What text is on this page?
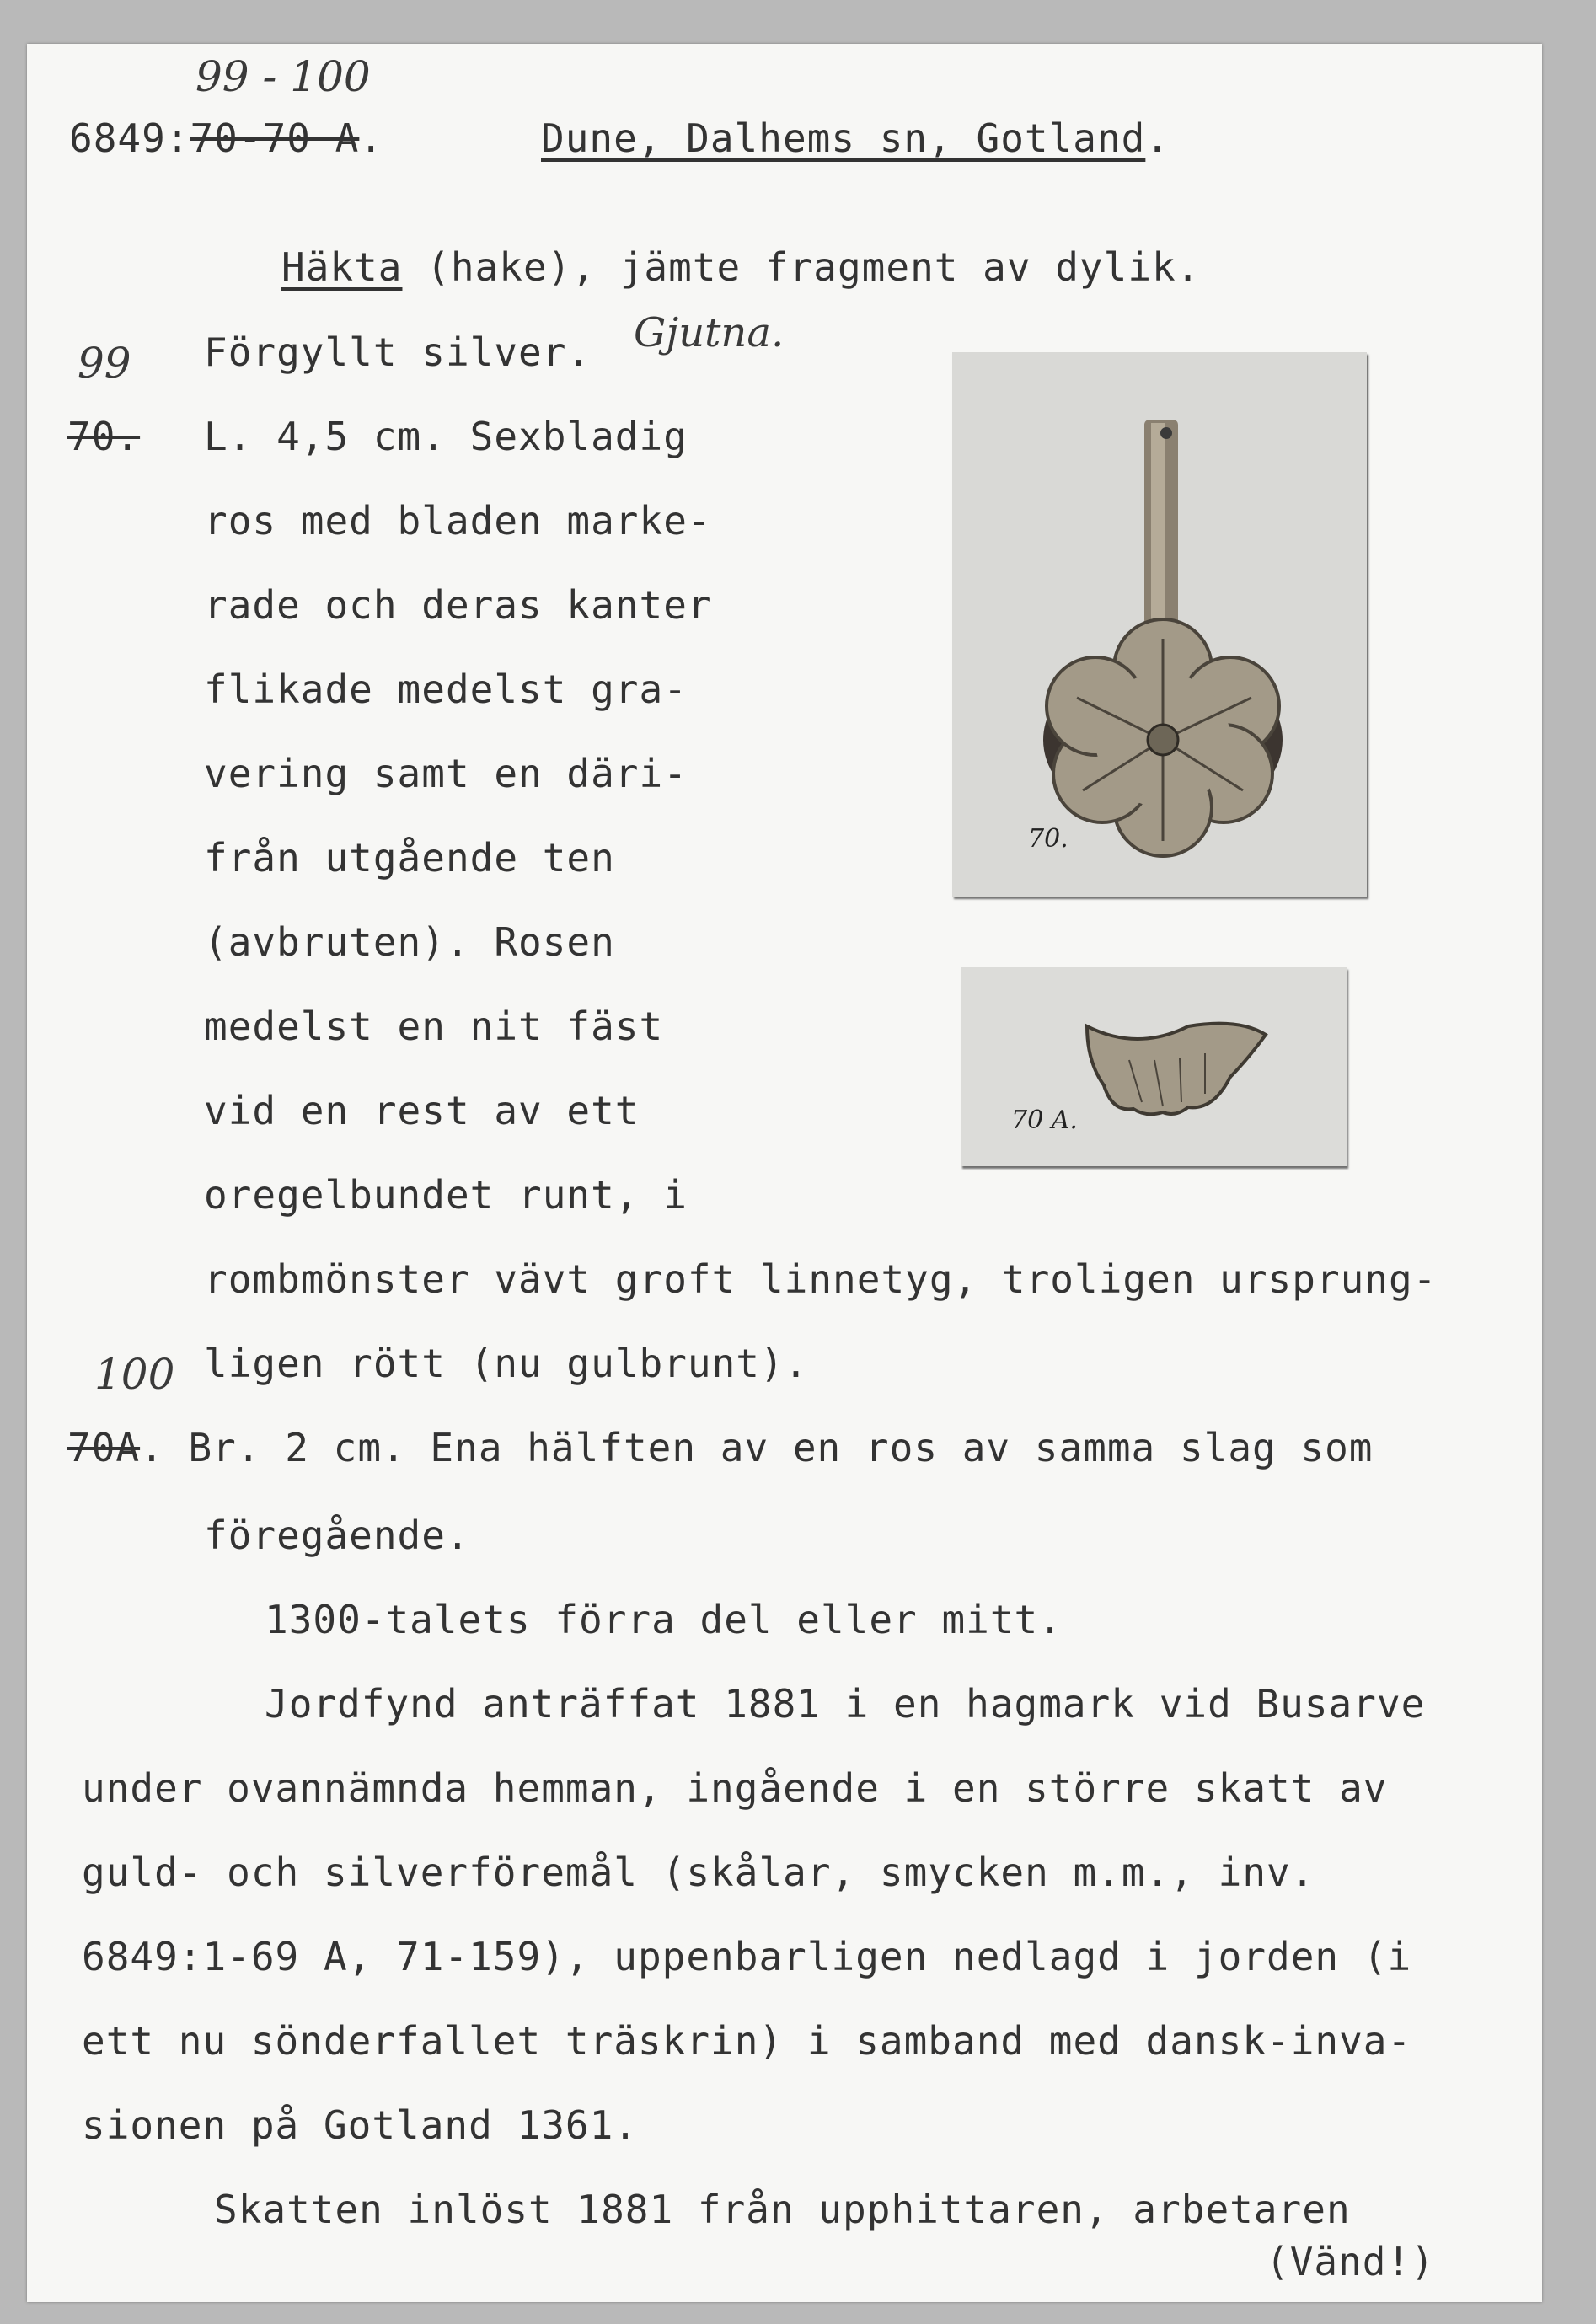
99 - 100
6849:70-70 A.	Dune, Dalhems sn, Gotland.
Häkta (hake), jämte fragment av dylik.
Förgyllt silver. Gjutna.
99
70. L. 4,5 cm. Sexbladig
ros med bladen marke-
rade och deras kanter
flikade medelst gra-
vering samt en däri-
från utgående ten
(avbruten). Rosen
medelst en nit fäst
vid en rest av ett
oregelbundet runt, i
rombmönster vävt groft linnetyg, troligen ursprung-
ligen rött (nu gulbrunt).
100
70A. Br. 2 cm. Ena hälften av en ros av samma slag som
föregående.
1300-talets förra del eller mitt.
Jordfynd anträffat 1881 i en hagmark vid Busarve
under ovannämnda hemman, ingående i en större skatt av
guld- och silverföremål (skålar, smycken m.m., inv.
6849:1-69 A, 71-159), uppenbarligen nedlagd i jorden (i
ett nu sönderfallet träskrin) i samband med dansk-inva-
sionen på Gotland 1361.
Skatten inlöst 1881 från upphittaren, arbetaren
(Vänd!)
70.
70 A.
